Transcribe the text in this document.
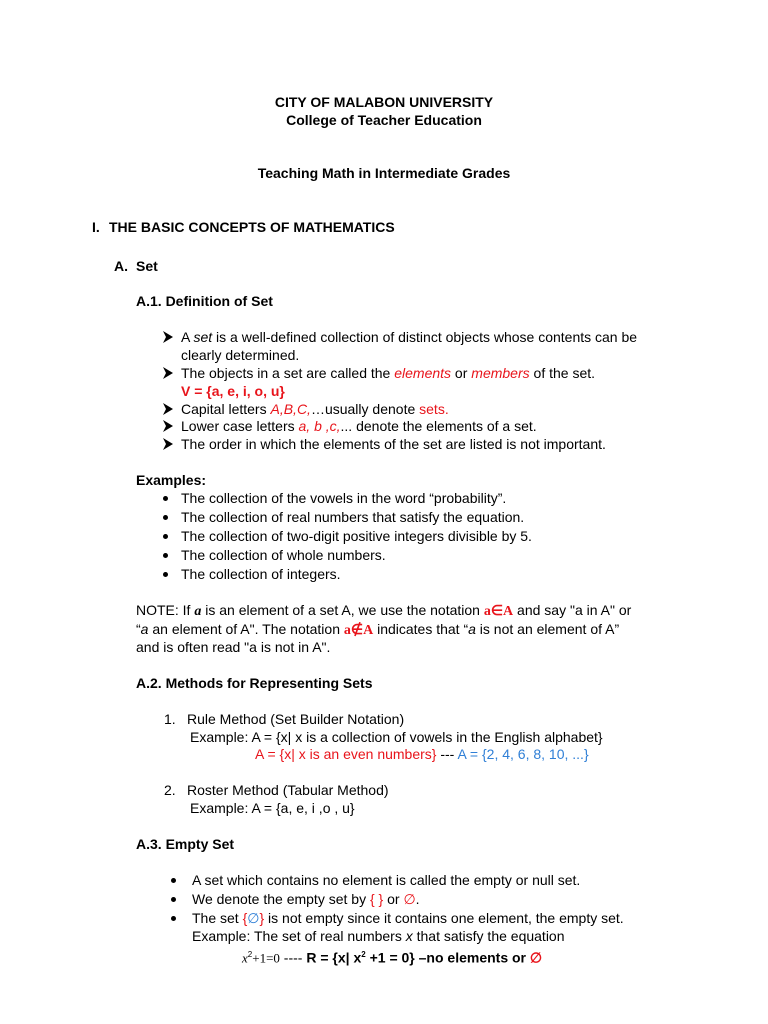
CITY OF MALABON UNIVERSITY
College of Teacher Education
Teaching Math in Intermediate Grades
I. THE BASIC CONCEPTS OF MATHEMATICS
A. Set
A.1. Definition of Set
A set is a well-defined collection of distinct objects whose contents can be
clearly determined.
The objects in a set are called the elements or members of the set.
V = {a, e, i, o, u}
Capital letters A,B,C,…usually denote sets.
Lower case letters a, b ,c,... denote the elements of a set.
The order in which the elements of the set are listed is not important.
Examples:
The collection of the vowels in the word “probability”.
The collection of real numbers that satisfy the equation.
The collection of two-digit positive integers divisible by 5.
The collection of whole numbers.
The collection of integers.
NOTE: If a is an element of a set A, we use the notation a∈A and say "a in A" or
“a an element of A". The notation a∉A indicates that “a is not an element of A”
and is often read "a is not in A".
A.2. Methods for Representing Sets
1. Rule Method (Set Builder Notation)
Example: A = {x| x is a collection of vowels in the English alphabet}
A = {x| x is an even numbers} --- A = {2, 4, 6, 8, 10, ...}
2. Roster Method (Tabular Method)
Example: A = {a, e, i ,o , u}
A.3. Empty Set
A set which contains no element is called the empty or null set.
We denote the empty set by { } or ∅.
The set {∅} is not empty since it contains one element, the empty set.
Example: The set of real numbers x that satisfy the equation
$x^2+1=0$ ---- R = {x| $x^2 +1 = 0$} –no elements or ∅
